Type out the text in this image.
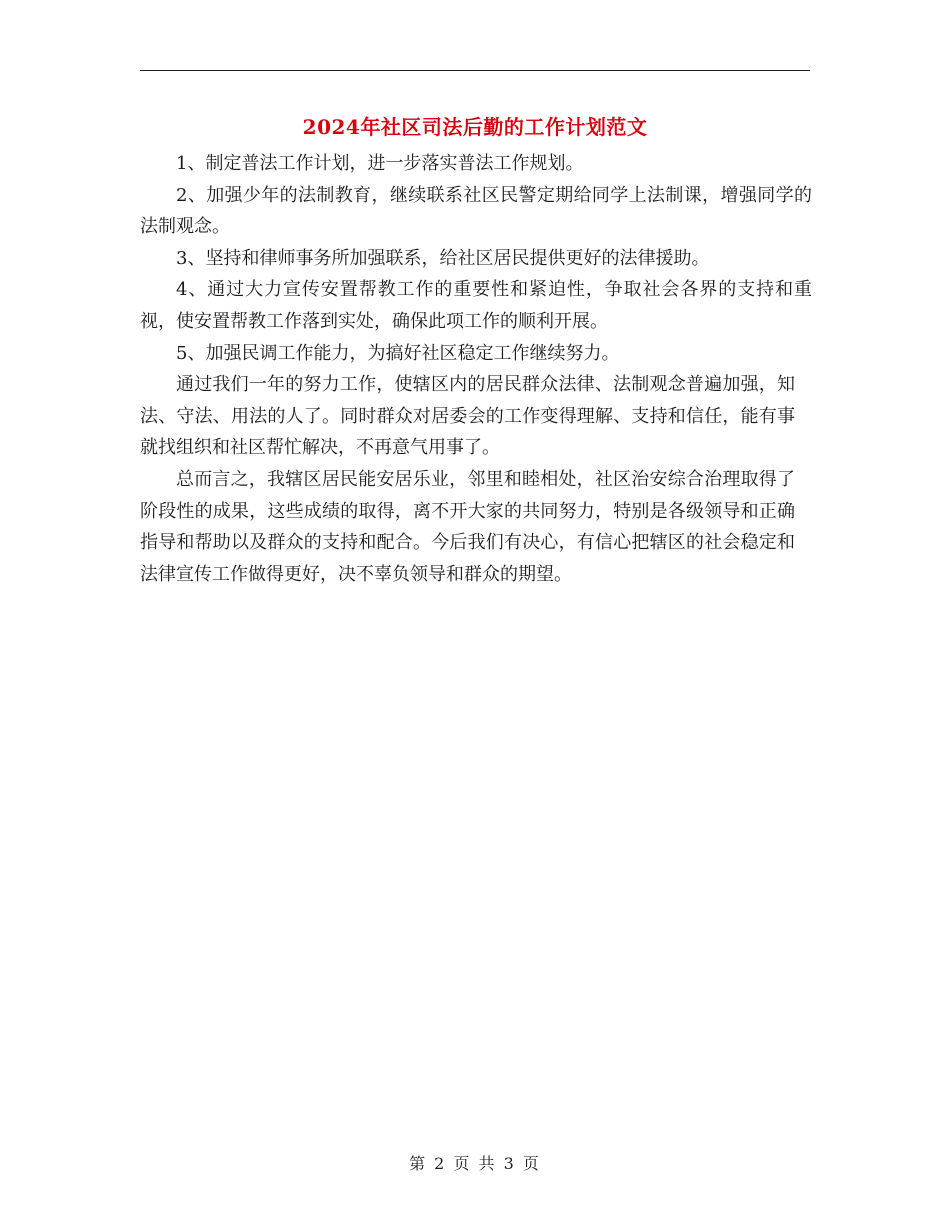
2024年社区司法后勤的工作计划范文

1、制定普法工作计划，进一步落实普法工作规划。

2、加强少年的法制教育，继续联系社区民警定期给同学上法制课，增强同学的法制观念。

3、坚持和律师事务所加强联系，给社区居民提供更好的法律援助。

4、通过大力宣传安置帮教工作的重要性和紧迫性，争取社会各界的支持和重视，使安置帮教工作落到实处，确保此项工作的顺利开展。

5、加强民调工作能力，为搞好社区稳定工作继续努力。

通过我们一年的努力工作，使辖区内的居民群众法律、法制观念普遍加强，知法、守法、用法的人了。同时群众对居委会的工作变得理解、支持和信任，能有事就找组织和社区帮忙解决，不再意气用事了。

总而言之，我辖区居民能安居乐业，邻里和睦相处，社区治安综合治理取得了阶段性的成果，这些成绩的取得，离不开大家的共同努力，特别是各级领导和正确指导和帮助以及群众的支持和配合。今后我们有决心，有信心把辖区的社会稳定和法律宣传工作做得更好，决不辜负领导和群众的期望。

第 2 页 共 3 页
